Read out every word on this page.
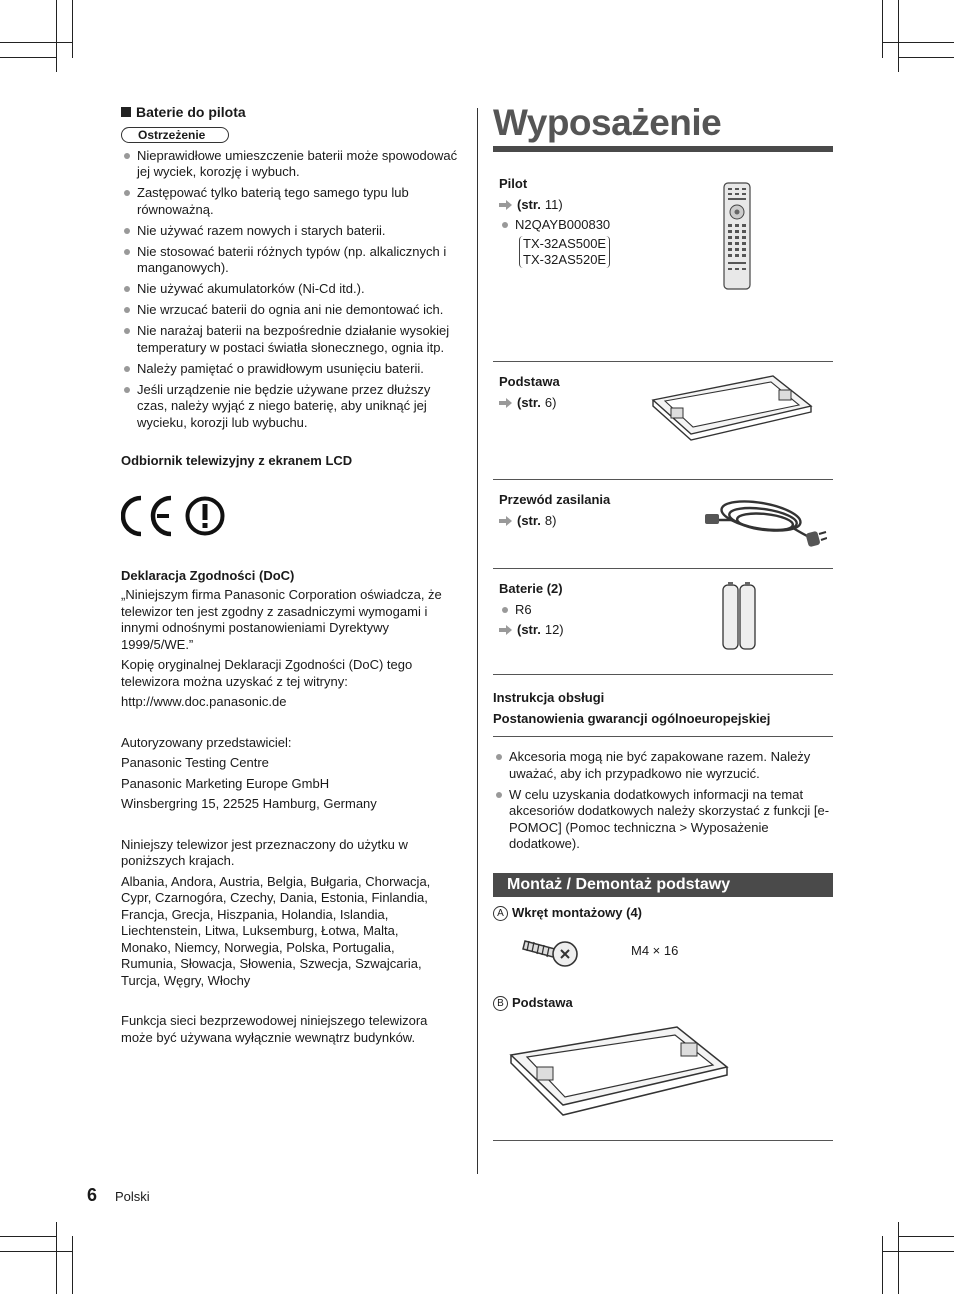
Baterie do pilota
Ostrzeżenie
Nieprawidłowe umieszczenie baterii może spowodować jej wyciek, korozję i wybuch.
Zastępować tylko baterią tego samego typu lub równoważną.
Nie używać razem nowych i starych baterii.
Nie stosować baterii różnych typów (np. alkalicznych i manganowych).
Nie używać akumulatorków (Ni-Cd itd.).
Nie wrzucać baterii do ognia ani nie demontować ich.
Nie narażaj baterii na bezpośrednie działanie wysokiej temperatury w postaci światła słonecznego, ognia itp.
Należy pamiętać o prawidłowym usunięciu baterii.
Jeśli urządzenie nie będzie używane przez dłuższy czas, należy wyjąć z niego baterię, aby uniknąć jej wycieku, korozji lub wybuchu.
Odbiornik telewizyjny z ekranem LCD
Deklaracja Zgodności (DoC)
„Niniejszym firma Panasonic Corporation oświadcza, że telewizor ten jest zgodny z zasadniczymi wymogami i innymi odnośnymi postanowieniami Dyrektywy 1999/5/WE.”
Kopię oryginalnej Deklaracji Zgodności (DoC) tego telewizora można uzyskać z tej witryny:
http://www.doc.panasonic.de
Autoryzowany przedstawiciel:
Panasonic Testing Centre
Panasonic Marketing Europe GmbH
Winsbergring 15, 22525 Hamburg, Germany
Niniejszy telewizor jest przeznaczony do użytku w poniższych krajach.
Albania, Andora, Austria, Belgia, Bułgaria, Chorwacja, Cypr, Czarnogóra, Czechy, Dania, Estonia, Finlandia, Francja, Grecja, Hiszpania, Holandia, Islandia, Liechtenstein, Litwa, Luksemburg, Łotwa, Malta, Monako, Niemcy, Norwegia, Polska, Portugalia, Rumunia, Słowacja, Słowenia, Szwecja, Szwajcaria, Turcja, Węgry, Włochy
Funkcja sieci bezprzewodowej niniejszego telewizora może być używana wyłącznie wewnątrz budynków.
Wyposażenie
Pilot
(str. 11)
N2QAYB000830
TX-32AS500E
TX-32AS520E
Podstawa
(str. 6)
Przewód zasilania
(str. 8)
Baterie (2)
R6
(str. 12)
Instrukcja obsługi
Postanowienia gwarancji ogólnoeuropejskiej
Akcesoria mogą nie być zapakowane razem. Należy uważać, aby ich przypadkowo nie wyrzucić.
W celu uzyskania dodatkowych informacji na temat akcesoriów dodatkowych należy skorzystać z funkcji [e-POMOC] (Pomoc techniczna > Wyposażenie dodatkowe).
Montaż / Demontaż podstawy
A Wkręt montażowy (4)
M4 × 16
B Podstawa
6 Polski
